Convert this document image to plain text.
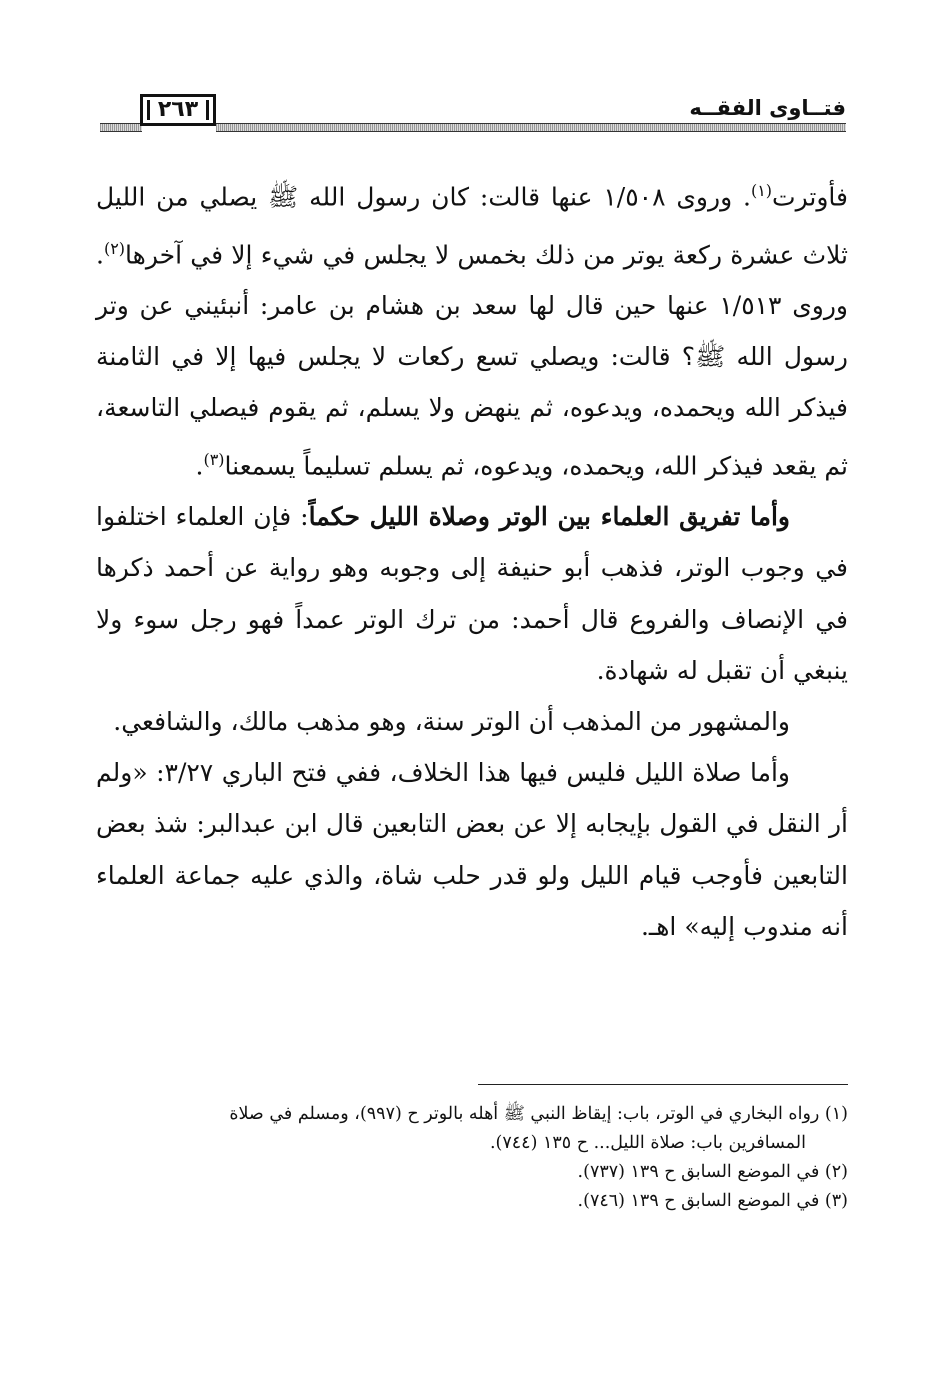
٢٦٣	فتــاوى الفقــه

فأوترت$^{(١)}$. وروى ١/٥٠٨ عنها قالت: كان رسول الله ﷺ يصلي من الليل ثلاث عشرة ركعة يوتر من ذلك بخمس لا يجلس في شيء إلا في آخرها$^{(٢)}$. وروى ١/٥١٣ عنها حين قال لها سعد بن هشام بن عامر: أنبئيني عن وتر رسول الله ﷺ؟ قالت: ويصلي تسع ركعات لا يجلس فيها إلا في الثامنة فيذكر الله ويحمده، ويدعوه، ثم ينهض ولا يسلم، ثم يقوم فيصلي التاسعة، ثم يقعد فيذكر الله، ويحمده، ويدعوه، ثم يسلم تسليماً يسمعنا$^{(٣)}$.

وأما تفريق العلماء بين الوتر وصلاة الليل حكماً: فإن العلماء اختلفوا في وجوب الوتر، فذهب أبو حنيفة إلى وجوبه وهو رواية عن أحمد ذكرها في الإنصاف والفروع قال أحمد: من ترك الوتر عمداً فهو رجل سوء ولا ينبغي أن تقبل له شهادة.

والمشهور من المذهب أن الوتر سنة، وهو مذهب مالك، والشافعي.

وأما صلاة الليل فليس فيها هذا الخلاف، ففي فتح الباري ٣/٢٧: «ولم أر النقل في القول بإيجابه إلا عن بعض التابعين قال ابن عبدالبر: شذ بعض التابعين فأوجب قيام الليل ولو قدر حلب شاة، والذي عليه جماعة العلماء أنه مندوب إليه» اهـ.

(١) رواه البخاري في الوتر، باب: إيقاظ النبي ﷺ أهله بالوتر ح (٩٩٧)، ومسلم في صلاة

المسافرين باب: صلاة الليل... ح ١٣٥ (٧٤٤).

(٢) في الموضع السابق ح ١٣٩ (٧٣٧).

(٣) في الموضع السابق ح ١٣٩ (٧٤٦).
